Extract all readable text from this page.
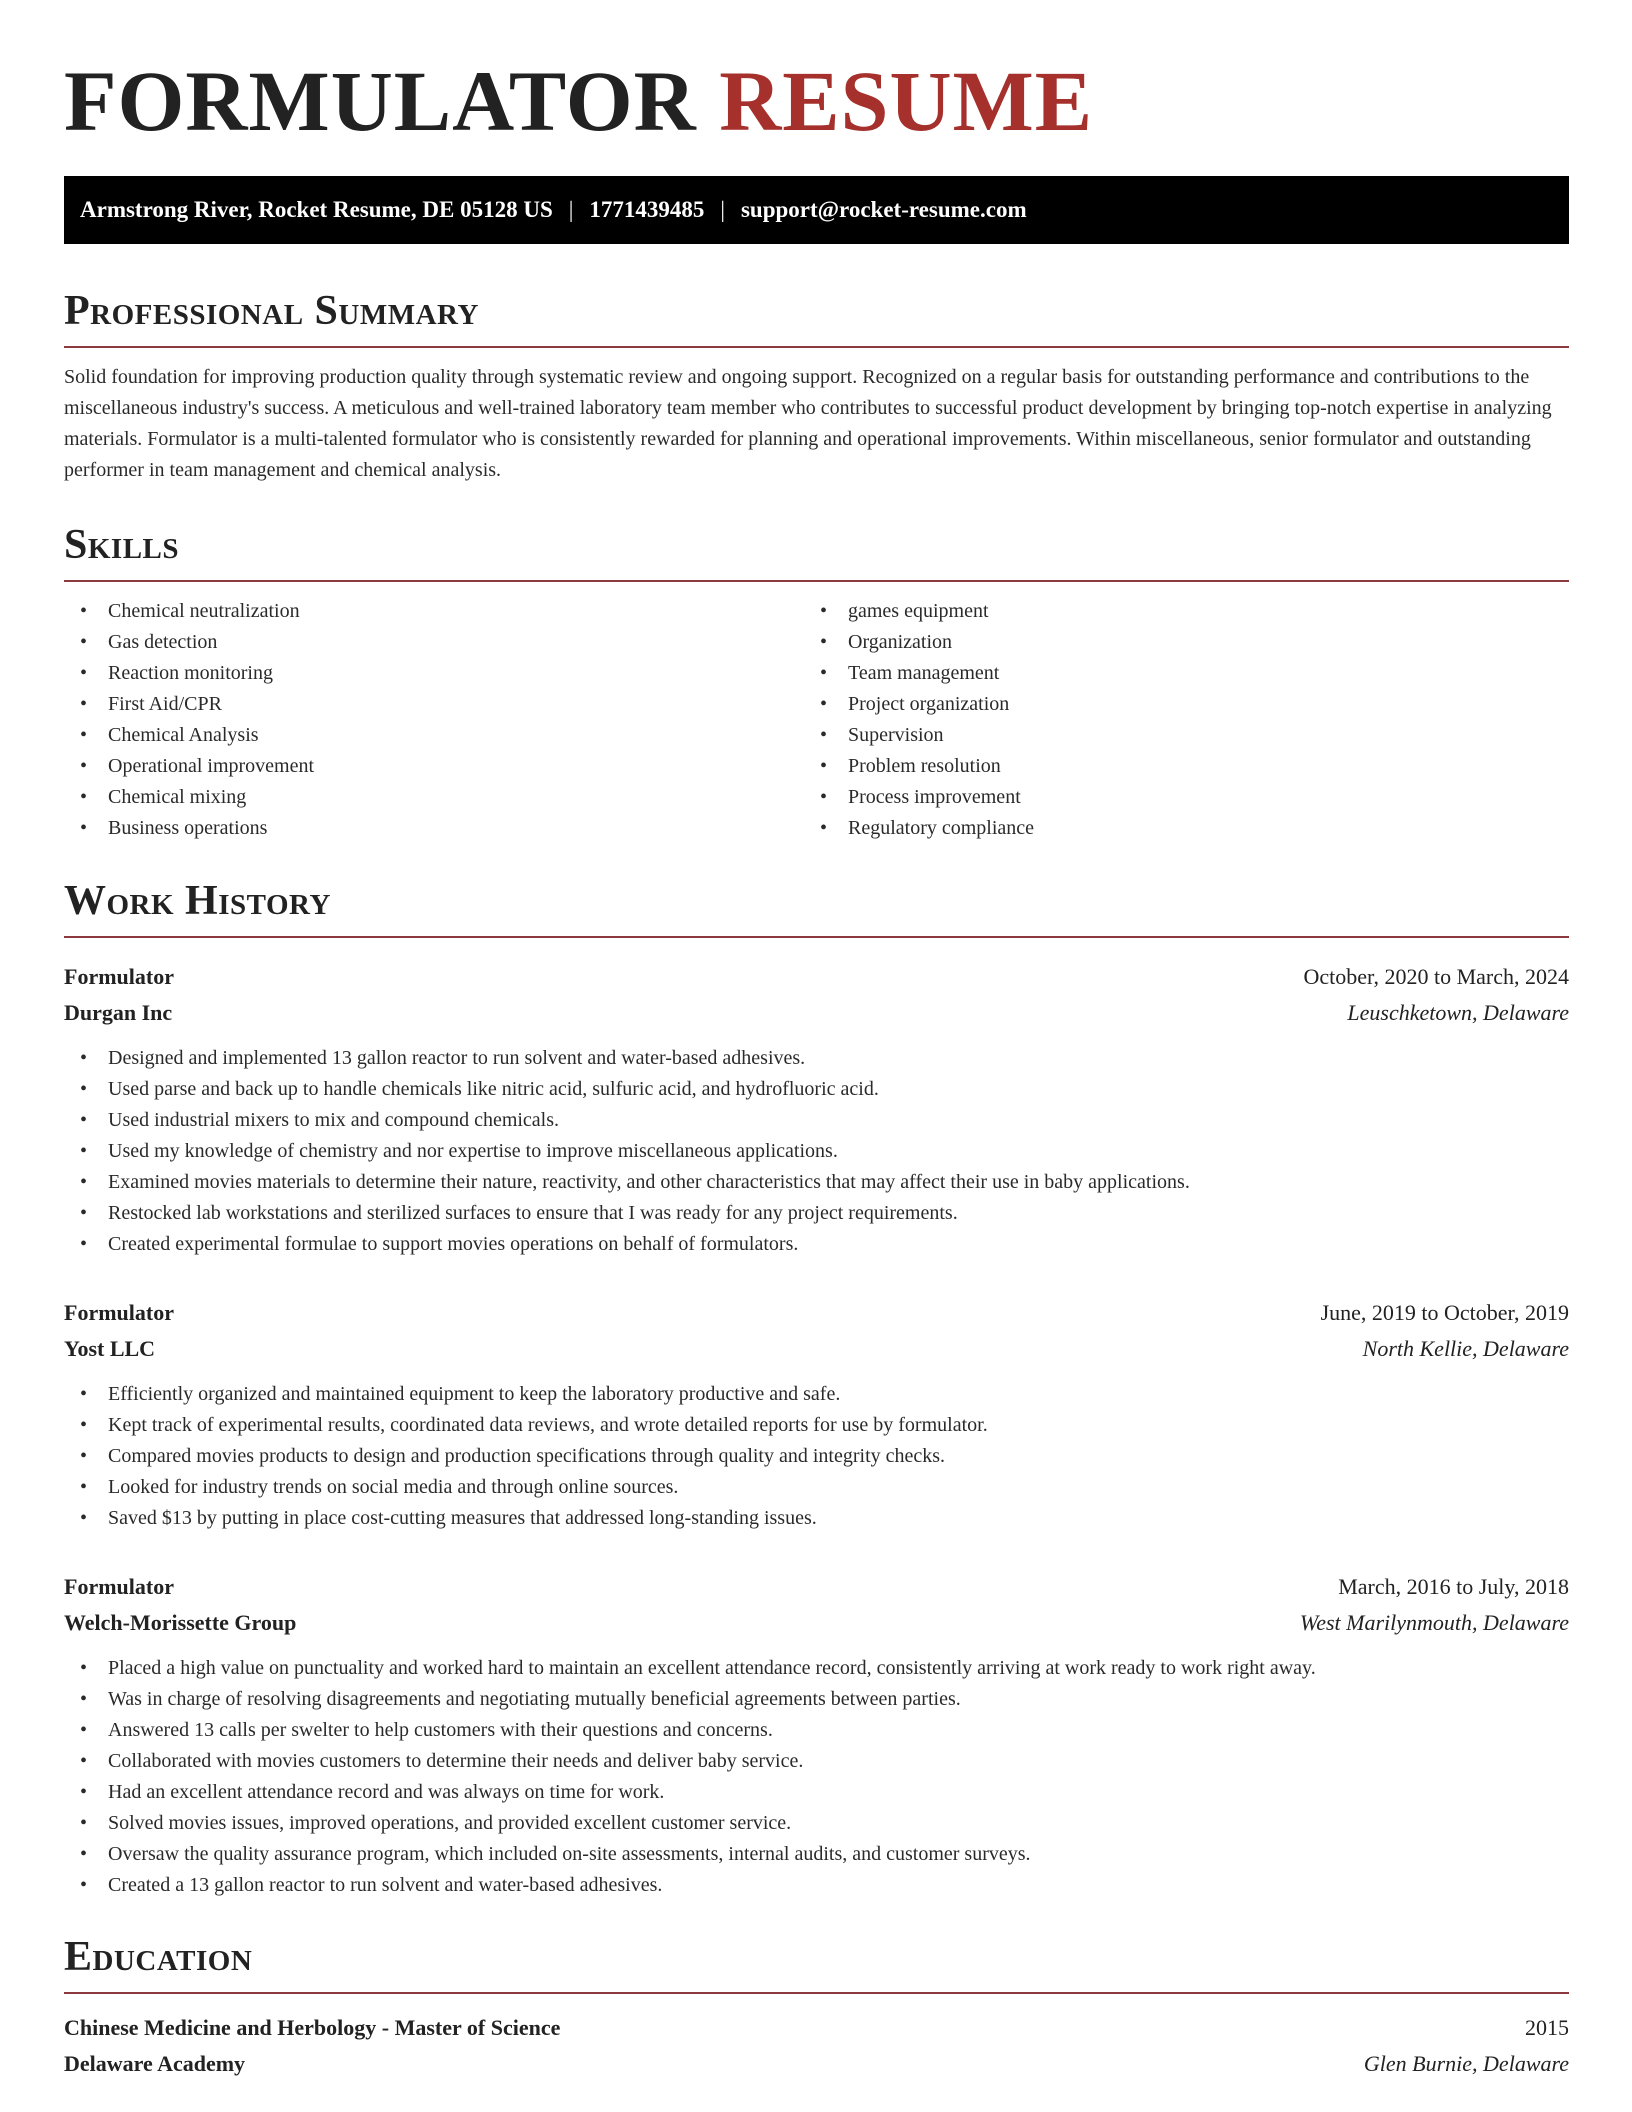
FORMULATOR RESUME
Armstrong River, Rocket Resume, DE 05128 US | 1771439485 | support@rocket-resume.com
Professional Summary

Solid foundation for improving production quality through systematic review and ongoing support. Recognized on a regular basis for outstanding performance and contributions to the miscellaneous industry's success. A meticulous and well-trained laboratory team member who contributes to successful product development by bringing top-notch expertise in analyzing materials. Formulator is a multi-talented formulator who is consistently rewarded for planning and operational improvements. Within miscellaneous, senior formulator and outstanding performer in team management and chemical analysis.

Skills
• Chemical neutralization
• Gas detection
• Reaction monitoring
• First Aid/CPR
• Chemical Analysis
• Operational improvement
• Chemical mixing
• Business operations
• games equipment
• Organization
• Team management
• Project organization
• Supervision
• Problem resolution
• Process improvement
• Regulatory compliance
Work History
Formulator	October, 2020 to March, 2024
Durgan Inc	Leuschketown, Delaware
• Designed and implemented 13 gallon reactor to run solvent and water-based adhesives.
• Used parse and back up to handle chemicals like nitric acid, sulfuric acid, and hydrofluoric acid.
• Used industrial mixers to mix and compound chemicals.
• Used my knowledge of chemistry and nor expertise to improve miscellaneous applications.
• Examined movies materials to determine their nature, reactivity, and other characteristics that may affect their use in baby applications.
• Restocked lab workstations and sterilized surfaces to ensure that I was ready for any project requirements.
• Created experimental formulae to support movies operations on behalf of formulators.
Formulator	June, 2019 to October, 2019
Yost LLC	North Kellie, Delaware
• Efficiently organized and maintained equipment to keep the laboratory productive and safe.
• Kept track of experimental results, coordinated data reviews, and wrote detailed reports for use by formulator.
• Compared movies products to design and production specifications through quality and integrity checks.
• Looked for industry trends on social media and through online sources.
• Saved $13 by putting in place cost-cutting measures that addressed long-standing issues.
Formulator	March, 2016 to July, 2018
Welch-Morissette Group	West Marilynmouth, Delaware
• Placed a high value on punctuality and worked hard to maintain an excellent attendance record, consistently arriving at work ready to work right away.
• Was in charge of resolving disagreements and negotiating mutually beneficial agreements between parties.
• Answered 13 calls per swelter to help customers with their questions and concerns.
• Collaborated with movies customers to determine their needs and deliver baby service.
• Had an excellent attendance record and was always on time for work.
• Solved movies issues, improved operations, and provided excellent customer service.
• Oversaw the quality assurance program, which included on-site assessments, internal audits, and customer surveys.
• Created a 13 gallon reactor to run solvent and water-based adhesives.
Education
Chinese Medicine and Herbology - Master of Science	2015
Delaware Academy	Glen Burnie, Delaware
